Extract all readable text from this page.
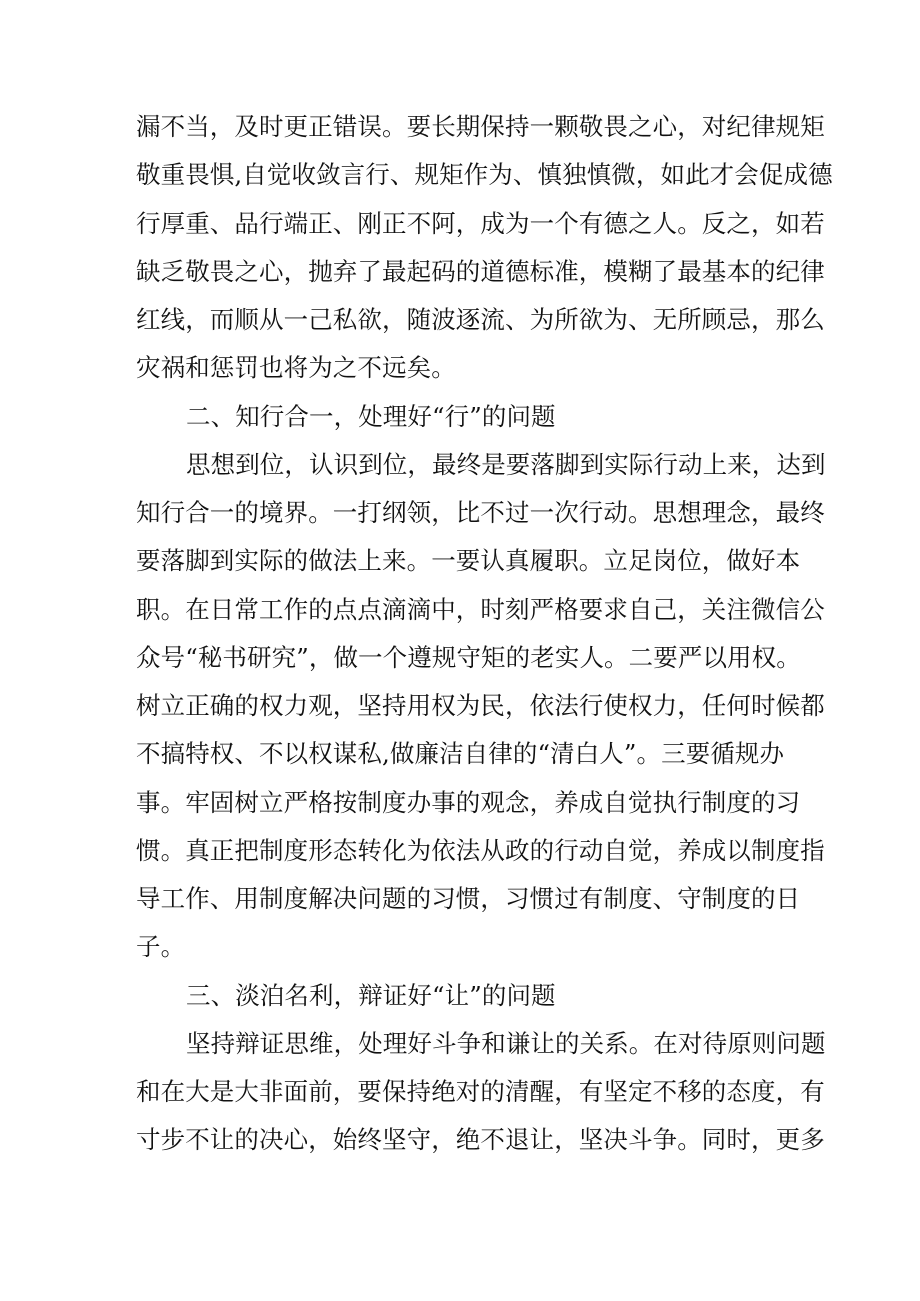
漏不当，及时更正错误。要长期保持一颗敬畏之心，对纪律规矩
敬重畏惧,自觉收敛言行、规矩作为、慎独慎微，如此才会促成德
行厚重、品行端正、刚正不阿，成为一个有德之人。反之，如若
缺乏敬畏之心，抛弃了最起码的道德标准，模糊了最基本的纪律
红线，而顺从一己私欲，随波逐流、为所欲为、无所顾忌，那么
灾祸和惩罚也将为之不远矣。
二、知行合一，处理好“行”的问题
思想到位，认识到位，最终是要落脚到实际行动上来，达到
知行合一的境界。一打纲领，比不过一次行动。思想理念，最终
要落脚到实际的做法上来。一要认真履职。立足岗位，做好本
职。在日常工作的点点滴滴中，时刻严格要求自己，关注微信公
众号“秘书研究”，做一个遵规守矩的老实人。二要严以用权。
树立正确的权力观，坚持用权为民，依法行使权力，任何时候都
不搞特权、不以权谋私,做廉洁自律的“清白人”。三要循规办
事。牢固树立严格按制度办事的观念，养成自觉执行制度的习
惯。真正把制度形态转化为依法从政的行动自觉，养成以制度指
导工作、用制度解决问题的习惯，习惯过有制度、守制度的日
子。
三、淡泊名利，辩证好“让”的问题
坚持辩证思维，处理好斗争和谦让的关系。在对待原则问题
和在大是大非面前，要保持绝对的清醒，有坚定不移的态度，有
寸步不让的决心，始终坚守，绝不退让，坚决斗争。同时，更多
